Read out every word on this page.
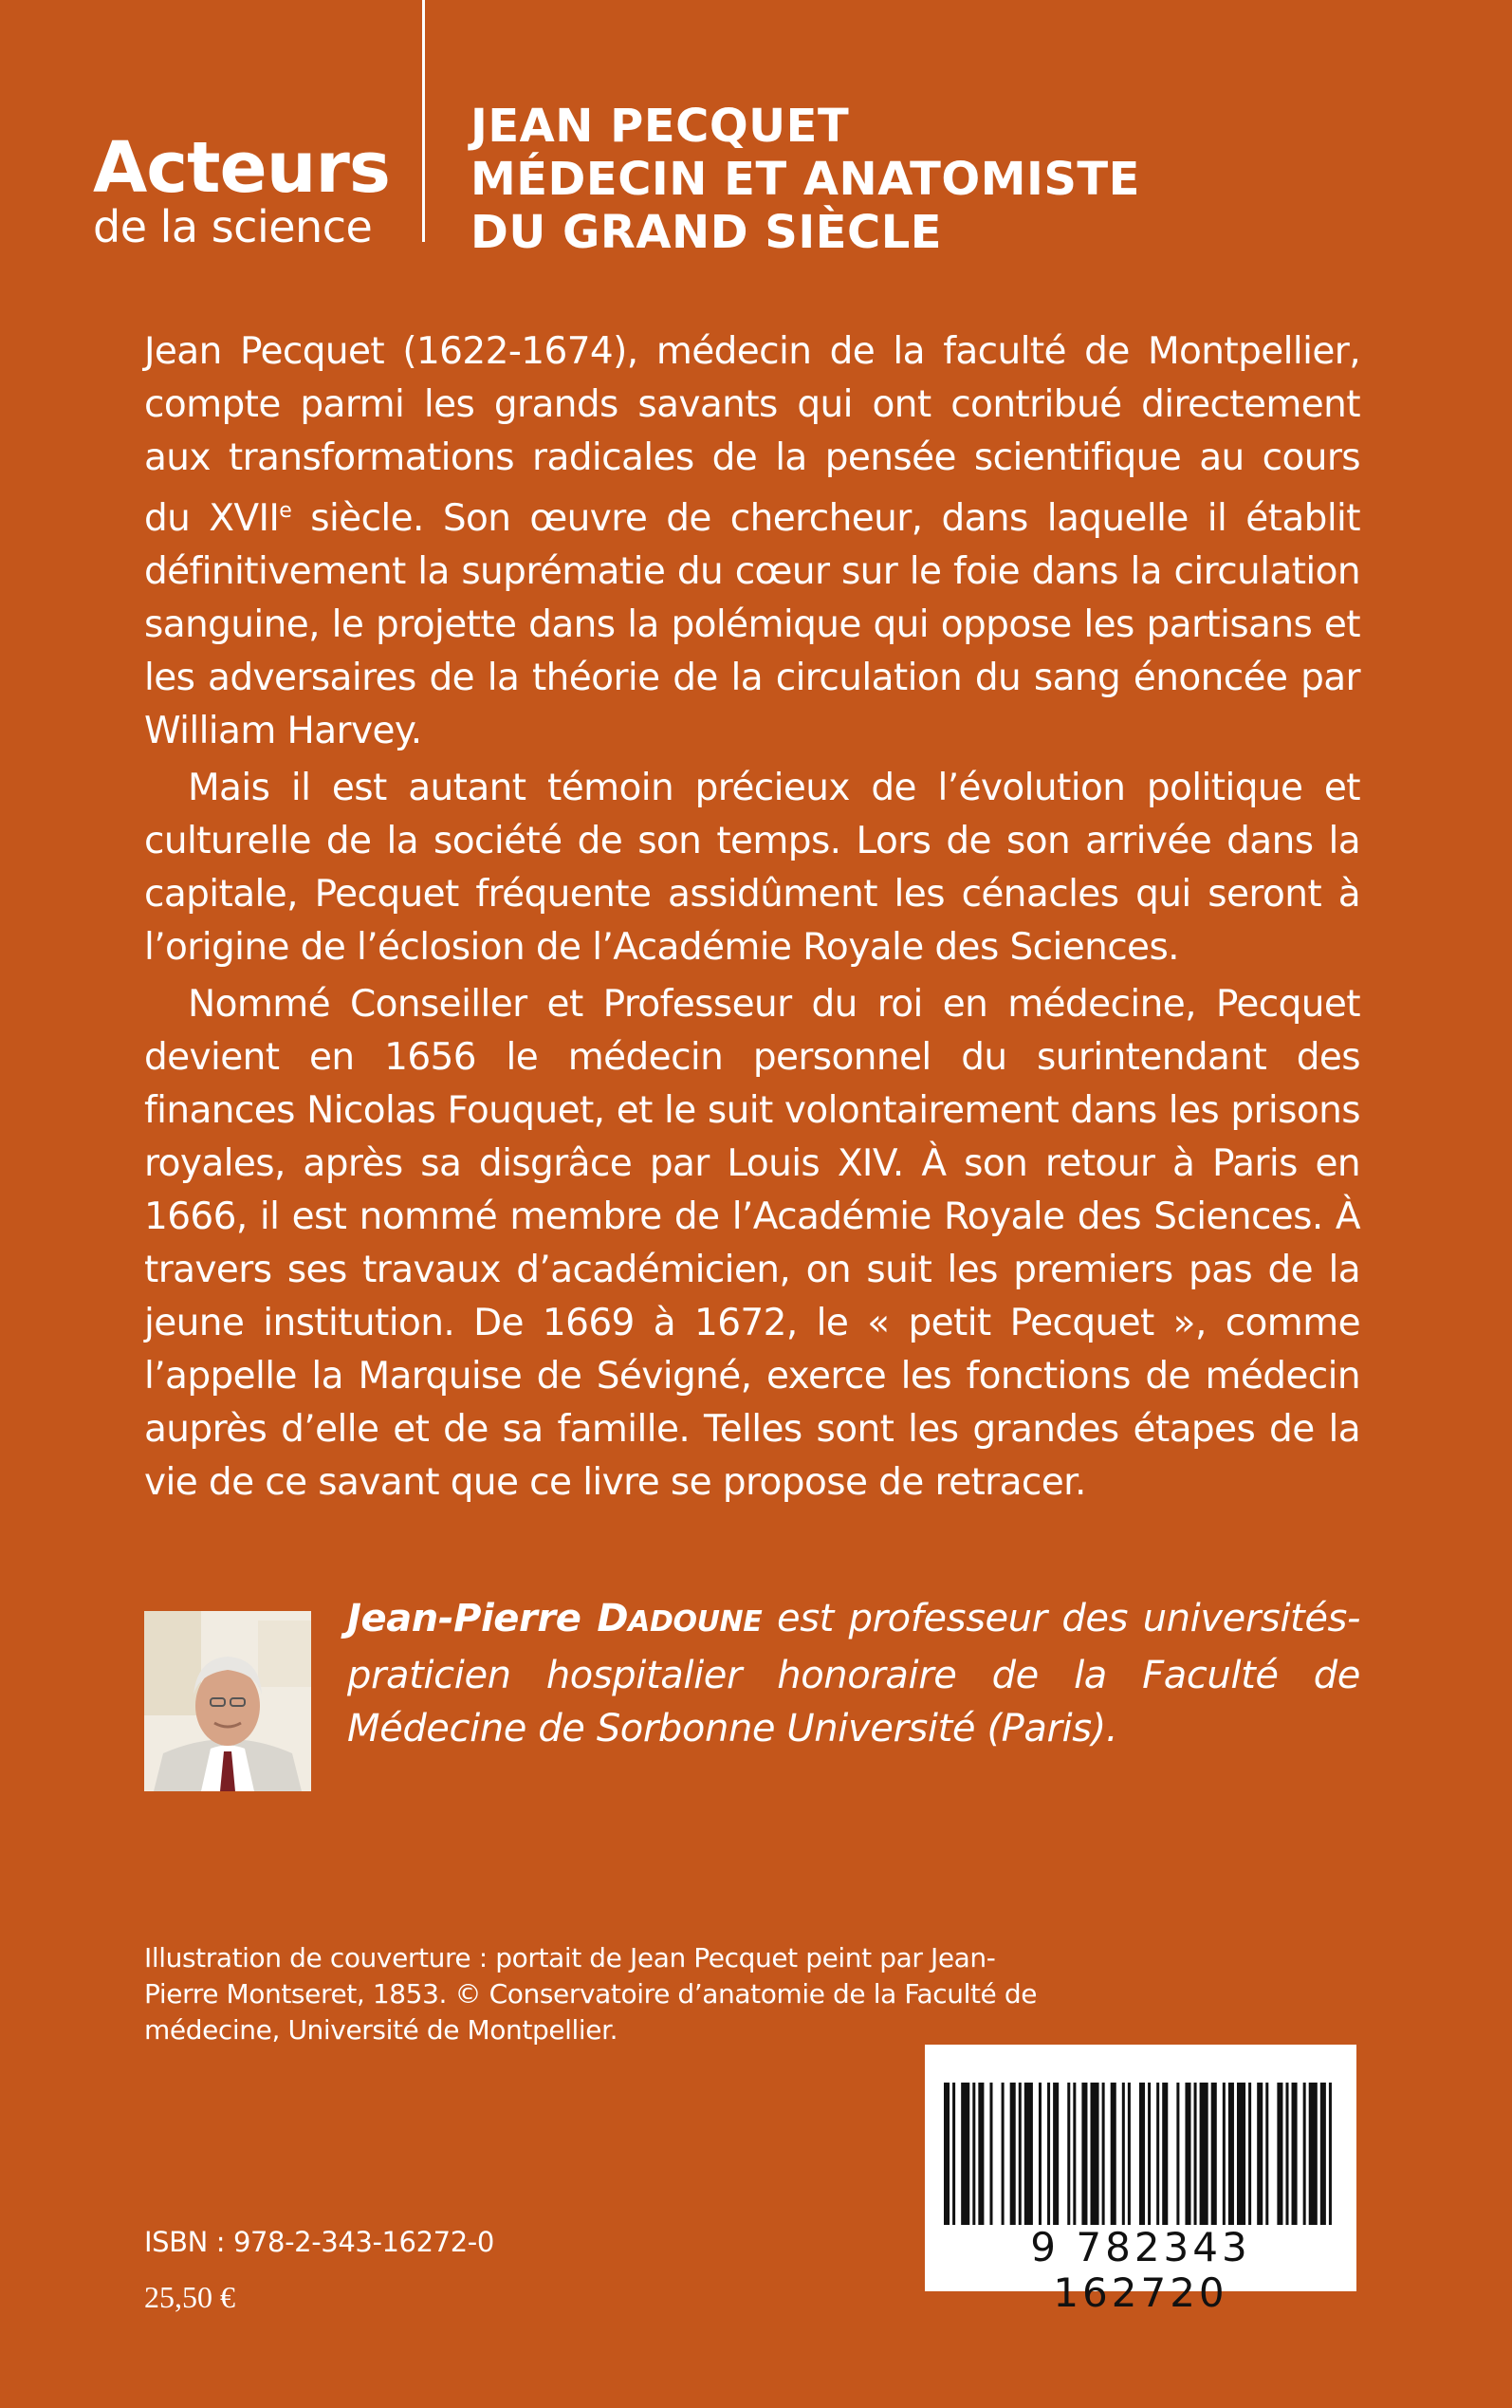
Acteurs
de la science
JEAN PECQUET
MÉDECIN ET ANATOMISTE
DU GRAND SIÈCLE

Jean Pecquet (1622-1674), médecin de la faculté de Montpellier, compte parmi les grands savants qui ont contribué directement aux transformations radicales de la pensée scientifique au cours du XVIIe siècle. Son œuvre de chercheur, dans laquelle il établit définitivement la suprématie du cœur sur le foie dans la circulation sanguine, le projette dans la polémique qui oppose les partisans et les adversaires de la théorie de la circulation du sang énoncée par William Harvey.

Mais il est autant témoin précieux de l’évolution politique et culturelle de la société de son temps. Lors de son arrivée dans la capitale, Pecquet fréquente assidûment les cénacles qui seront à l’origine de l’éclosion de l’Académie Royale des Sciences.

Nommé Conseiller et Professeur du roi en médecine, Pecquet devient en 1656 le médecin personnel du surintendant des finances Nicolas Fouquet, et le suit volontairement dans les prisons royales, après sa disgrâce par Louis XIV. À son retour à Paris en 1666, il est nommé membre de l’Académie Royale des Sciences. À travers ses travaux d’académicien, on suit les premiers pas de la jeune institution. De 1669 à 1672, le « petit Pecquet », comme l’appelle la Marquise de Sévigné, exerce les fonctions de médecin auprès d’elle et de sa famille. Telles sont les grandes étapes de la vie de ce savant que ce livre se propose de retracer.

Jean-Pierre DADOUNE est professeur des universités-praticien hospitalier honoraire de la Faculté de Médecine de Sorbonne Université (Paris).
Illustration de couverture : portait de Jean Pecquet peint par Jean-Pierre Montseret, 1853. © Conservatoire d’anatomie de la Faculté de médecine, Université de Montpellier.
9 782343 162720
ISBN : 978-2-343-16272-0
25,50 €
